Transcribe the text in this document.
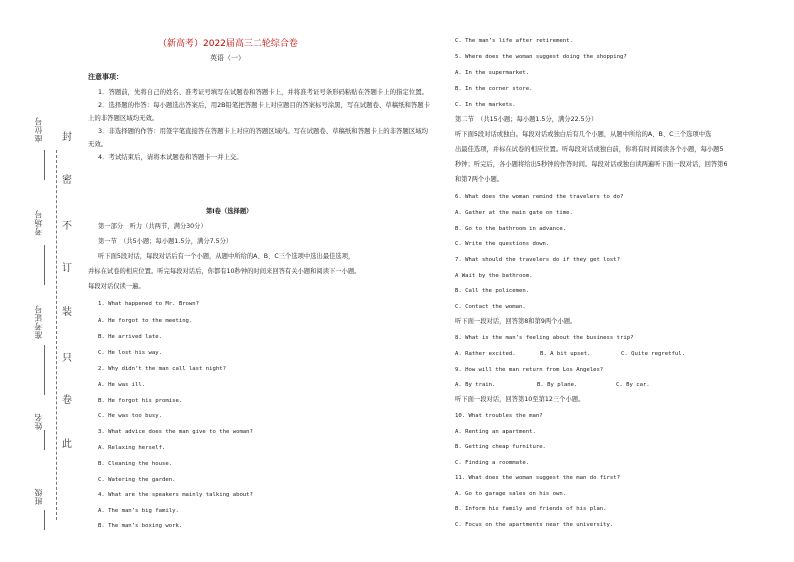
封
密
不
订
装
只
卷
此
座位号
考场号
准考证号
姓名
班级
（新高考）2022届高三二轮综合卷
英语（一）
注意事项：

1．答题前，先将自己的姓名、准考证号填写在试题卷和答题卡上，并将准考证号条形码粘贴在答题卡上的指定位置。

2．选择题的作答：每小题选出答案后，用2B铅笔把答题卡上对应题目的答案标号涂黑，写在试题卷、草稿纸和答题卡上的非答题区域均无效。

3．非选择题的作答：用签字笔直接答在答题卡上对应的答题区域内。写在试题卷、草稿纸和答题卡上的非答题区域均无效。

4．考试结束后，请将本试题卷和答题卡一并上交。

第Ⅰ卷（选择题）
第一部分　听力（共两节，满分30分）
第一节　（共5小题；每小题1.5分，满分7.5分）
听下面5段对话，每段对话后有一个小题，从题中所给的A、B、C三个选项中选出最佳选项，
并标在试卷的相应位置。听完每段对话后，你都有10秒钟的时间来回答有关小题和阅读下一小题。
每段对话仅读一遍。
1. What happened to Mr. Brown?
A. He forgot to the meeting.
B. He arrived late.
C. He lost his way.
2. Why didn’t the man call last night?
A. He was ill.
B. He forgot his promise.
C. He was too busy.
3. What advice does the man give to the woman?
A. Relaxing herself.
B. Cleaning the house.
C. Watering the garden.
4. What are the speakers mainly talking about?
A. The man’s big family.
B. The man’s boxing work.
C. The man’s life after retirement.
5. Where does the woman suggest doing the shopping?
A. In the supermarket.
B. In the corner store.
C. In the markets.
第二节　（共15小题；每小题1.5分，满分22.5分）
听下面5段对话或独白。每段对话或独白后有几个小题，从题中所给的A、B、C三个选项中选
出最佳选项，并标在试卷的相应位置。听每段对话或独白前，你将有时间阅读各个小题，每小题5
秒钟；听完后，各小题将给出5秒钟的作答时间。每段对话或独白读两遍听下面一段对话，回答第6
和第7两个小题。
6. What does the woman remind the travelers to do?
A. Gather at the main gate on time.
B. Go to the bathroom in advance.
C. Write the questions down.
7. What should the travelers do if they get lost?
A Wait by the bathroom.
B. Call the policemen.
C. Contact the woman.
听下面一段对话，回答第8和第9两个小题。
8. What is the man’s feeling about the business trip?
A. Rather excited.	B. A bit upset.	C. Quite regretful.
9. How will the man return from Los Angeles?
A. By train.	B. By plane.	C. By car.
听下面一段对话，回答第10至第12三个小题。
10. What troubles the man?
A. Renting an apartment.
B. Getting cheap furniture.
C. Finding a roommate.
11. What does the woman suggest the man do first?
A. Go to garage sales on his own.
B. Inform his family and friends of his plan.
C. Focus on the apartments near the university.
